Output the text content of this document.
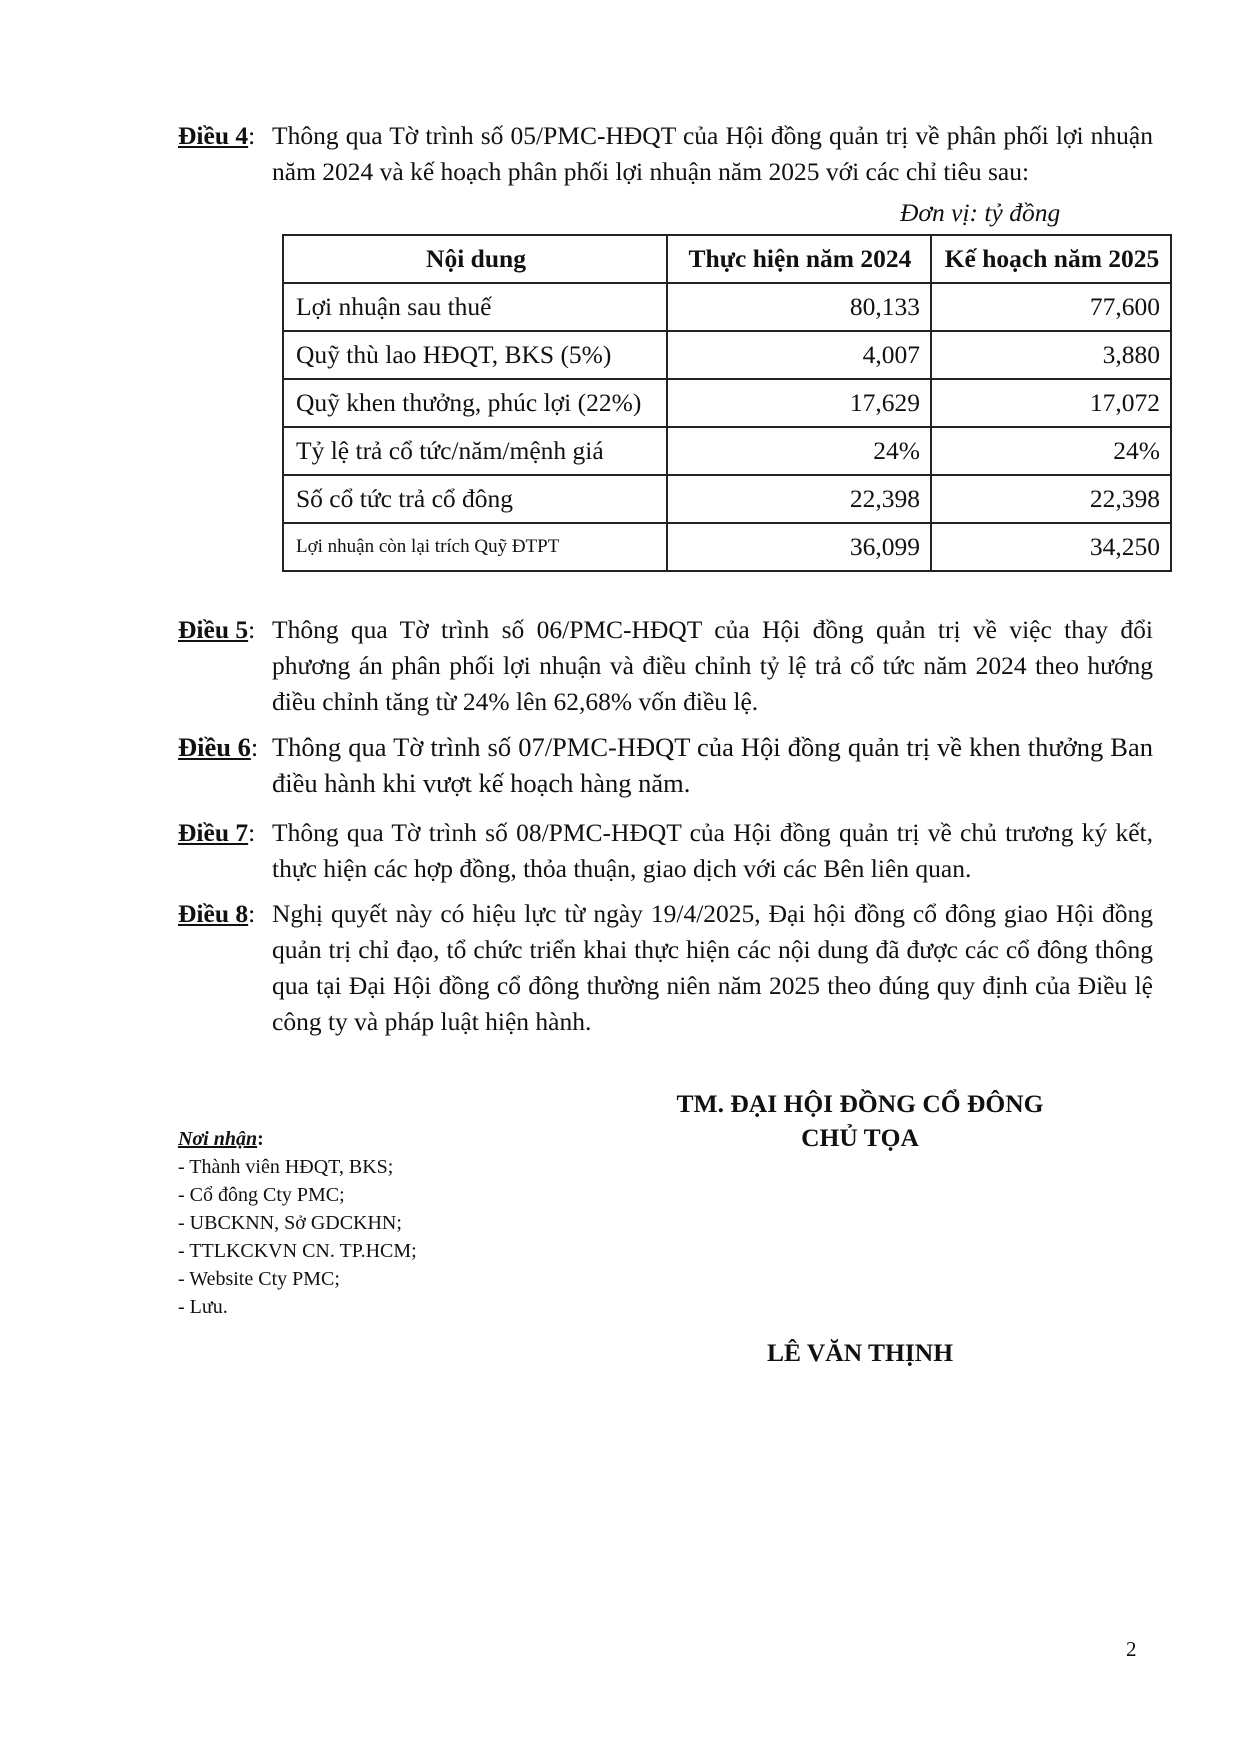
Điều 4: Thông qua Tờ trình số 05/PMC-HĐQT của Hội đồng quản trị về phân phối lợi nhuận năm 2024 và kế hoạch phân phối lợi nhuận năm 2025 với các chỉ tiêu sau:
Đơn vị: tỷ đồng
Nội dung	Thực hiện năm 2024	Kế hoạch năm 2025
Lợi nhuận sau thuế	80,133	77,600
Quỹ thù lao HĐQT, BKS (5%)	4,007	3,880
Quỹ khen thưởng, phúc lợi (22%)	17,629	17,072
Tỷ lệ trả cổ tức/năm/mệnh giá	24%	24%
Số cổ tức trả cổ đông	22,398	22,398
Lợi nhuận còn lại trích Quỹ ĐTPT	36,099	34,250
Điều 5: Thông qua Tờ trình số 06/PMC-HĐQT của Hội đồng quản trị về việc thay đổi phương án phân phối lợi nhuận và điều chỉnh tỷ lệ trả cổ tức năm 2024 theo hướng điều chỉnh tăng từ 24% lên 62,68% vốn điều lệ.
Điều 6: Thông qua Tờ trình số 07/PMC-HĐQT của Hội đồng quản trị về khen thưởng Ban điều hành khi vượt kế hoạch hàng năm.
Điều 7: Thông qua Tờ trình số 08/PMC-HĐQT của Hội đồng quản trị về chủ trương ký kết, thực hiện các hợp đồng, thỏa thuận, giao dịch với các Bên liên quan.
Điều 8: Nghị quyết này có hiệu lực từ ngày 19/4/2025, Đại hội đồng cổ đông giao Hội đồng quản trị chỉ đạo, tổ chức triển khai thực hiện các nội dung đã được các cổ đông thông qua tại Đại Hội đồng cổ đông thường niên năm 2025 theo đúng quy định của Điều lệ công ty và pháp luật hiện hành.
TM. ĐẠI HỘI ĐỒNG CỔ ĐÔNG
CHỦ TỌA
LÊ VĂN THỊNH
Nơi nhận:
- Thành viên HĐQT, BKS;
- Cổ đông Cty PMC;
- UBCKNN, Sở GDCKHN;
- TTLKCKVN CN. TP.HCM;
- Website Cty PMC;
- Lưu.
2
